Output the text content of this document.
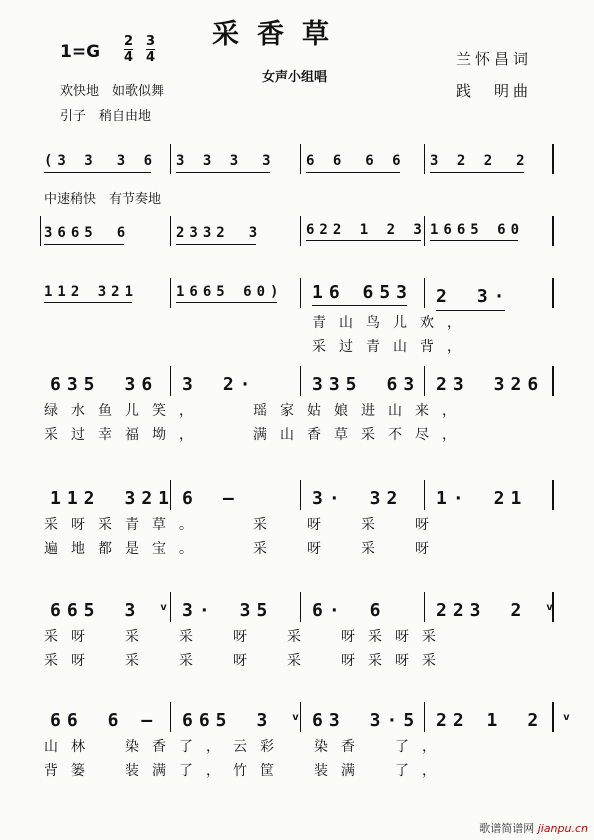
采香草
女声小组唱
兰怀昌词
践　明曲
1=G
2
4
3
4
欢快地　如歌似舞
引子　稍自由地
中速稍快　有节奏地
(3 3　3 6 3 3 3　3 6 6　6 6 3 2 2　2
3665　6	2332　3	622 1 2 3 1665 60
112 321	1665 60) 16 653 2　3·
青山鸟儿欢，
采过青山背，
635　36 3　2·	335　63 23　326
绿水鱼儿笑，　　瑶家姑娘进山来，
采过幸福坳，　　满山香草采不尽，
112　321 6　—	3·　32 1·　21
采呀采青草。　　采　呀　采　呀
遍地都是宝。　　采　呀　采　呀
665　3 ᵛ 3·　35 6·　6	223　2 ᵛ
采呀　采　采　呀　采　呀采呀采
采呀　采　采　呀　采　呀采呀采
66　6 — 665　3 ᵛ 63　3·5 22 1　2 ᵛ
山林　染香了，云彩　染香　了，
背篓　装满了，竹筐　装满　了，
歌谱简谱网 jianpu.cn
